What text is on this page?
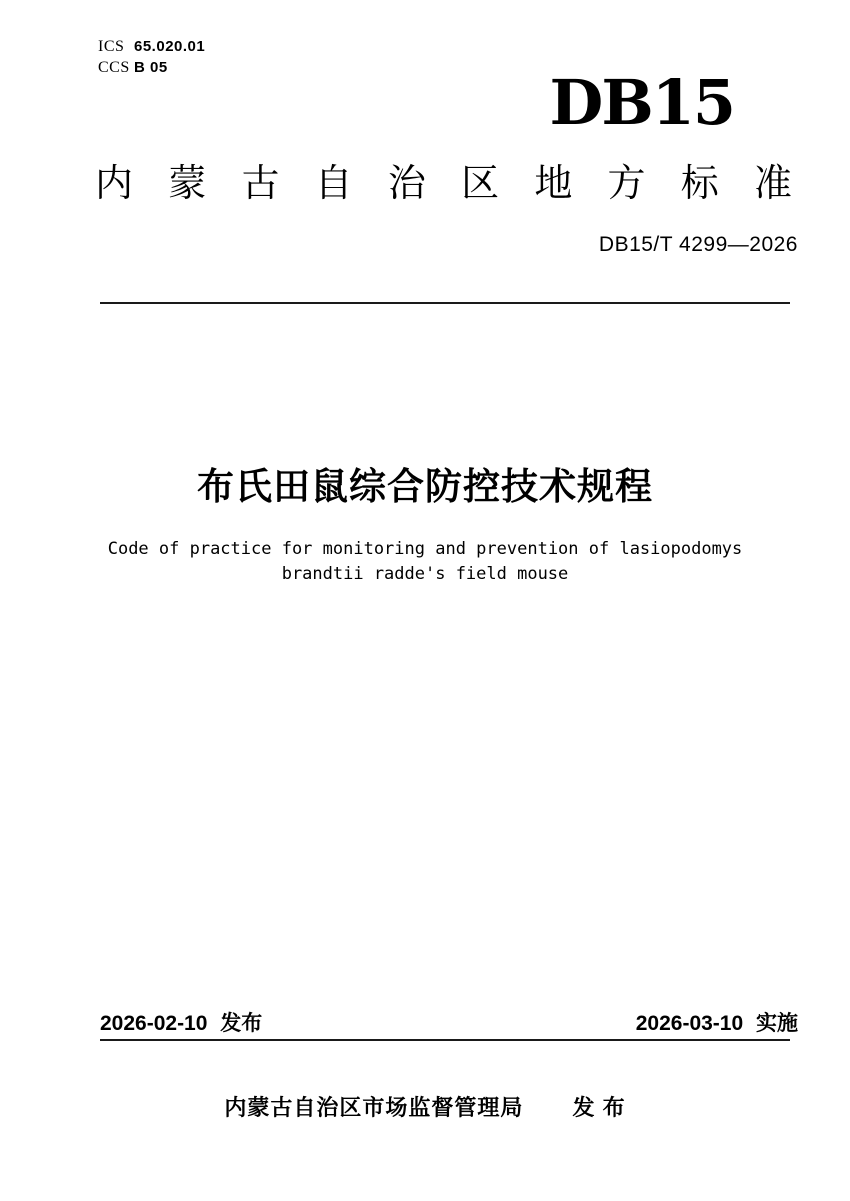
ICS 65.020.01
CCS B 05	DB15
内蒙古自治区地方标准
DB15/T 4299—2026
布氏田鼠综合防控技术规程
Code of practice for monitoring and prevention of lasiopodomys
brandtii radde's field mouse
2026-02-10 发布	2026-03-10 实施
内蒙古自治区市场监督管理局 发 布
